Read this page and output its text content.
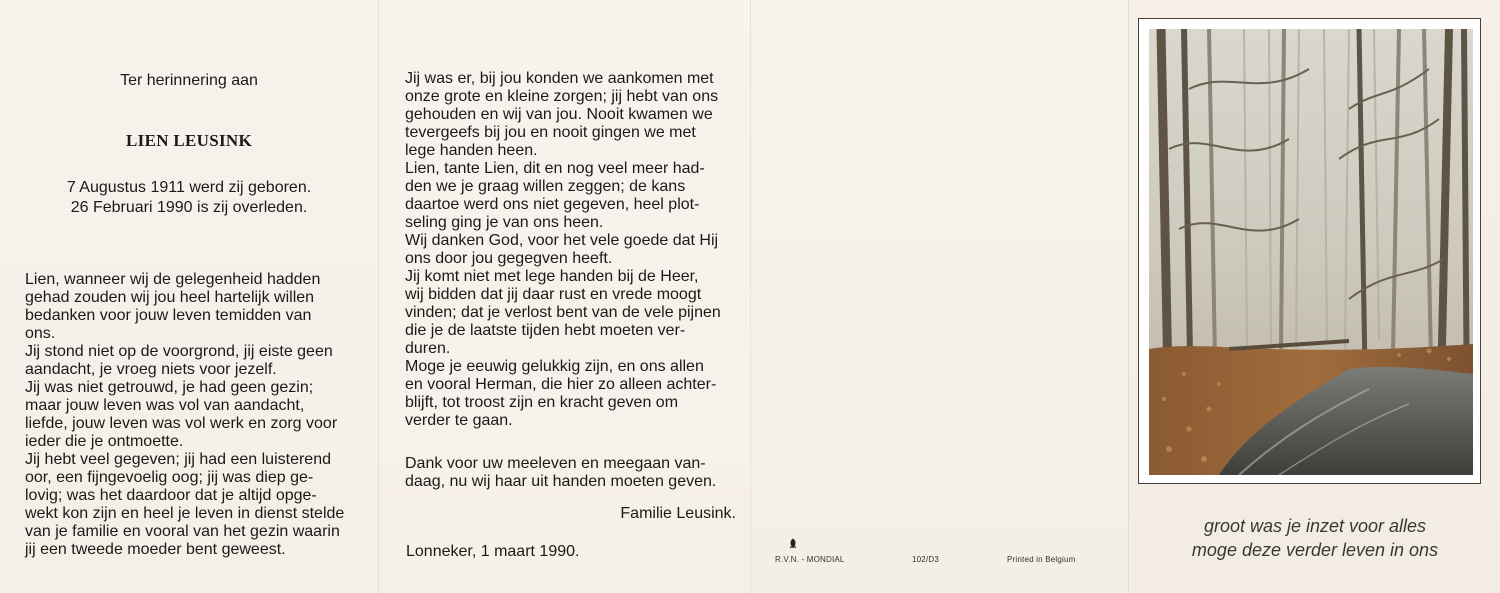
Ter herinnering aan
LIEN LEUSINK
7 Augustus 1911 werd zij geboren.
26 Februari 1990 is zij overleden.
Lien, wanneer wij de gelegenheid hadden
gehad zouden wij jou heel hartelijk willen
bedanken voor jouw leven temidden van
ons.
Jij stond niet op de voorgrond, jij eiste geen
aandacht, je vroeg niets voor jezelf.
Jij was niet getrouwd, je had geen gezin;
maar jouw leven was vol van aandacht,
liefde, jouw leven was vol werk en zorg voor
ieder die je ontmoette.
Jij hebt veel gegeven; jij had een luisterend
oor, een fijngevoelig oog; jij was diep ge-
lovig; was het daardoor dat je altijd opge-
wekt kon zijn en heel je leven in dienst stelde
van je familie en vooral van het gezin waarin
jij een tweede moeder bent geweest.
Jij was er, bij jou konden we aankomen met
onze grote en kleine zorgen; jij hebt van ons
gehouden en wij van jou. Nooit kwamen we
tevergeefs bij jou en nooit gingen we met
lege handen heen.
Lien, tante Lien, dit en nog veel meer had-
den we je graag willen zeggen; de kans
daartoe werd ons niet gegeven, heel plot-
seling ging je van ons heen.
Wij danken God, voor het vele goede dat Hij
ons door jou gegegven heeft.
Jij komt niet met lege handen bij de Heer,
wij bidden dat jij daar rust en vrede moogt
vinden; dat je verlost bent van de vele pijnen
die je de laatste tijden hebt moeten ver-
duren.
Moge je eeuwig gelukkig zijn, en ons allen
en vooral Herman, die hier zo alleen achter-
blijft, tot troost zijn en kracht geven om
verder te gaan.
Dank voor uw meeleven en meegaan van-
daag, nu wij haar uit handen moeten geven.
Familie Leusink.
Lonneker, 1 maart 1990.	R.V.N. - MONDIAL	102/D3	Printed in Belgium
groot was je inzet voor alles
moge deze verder leven in ons
